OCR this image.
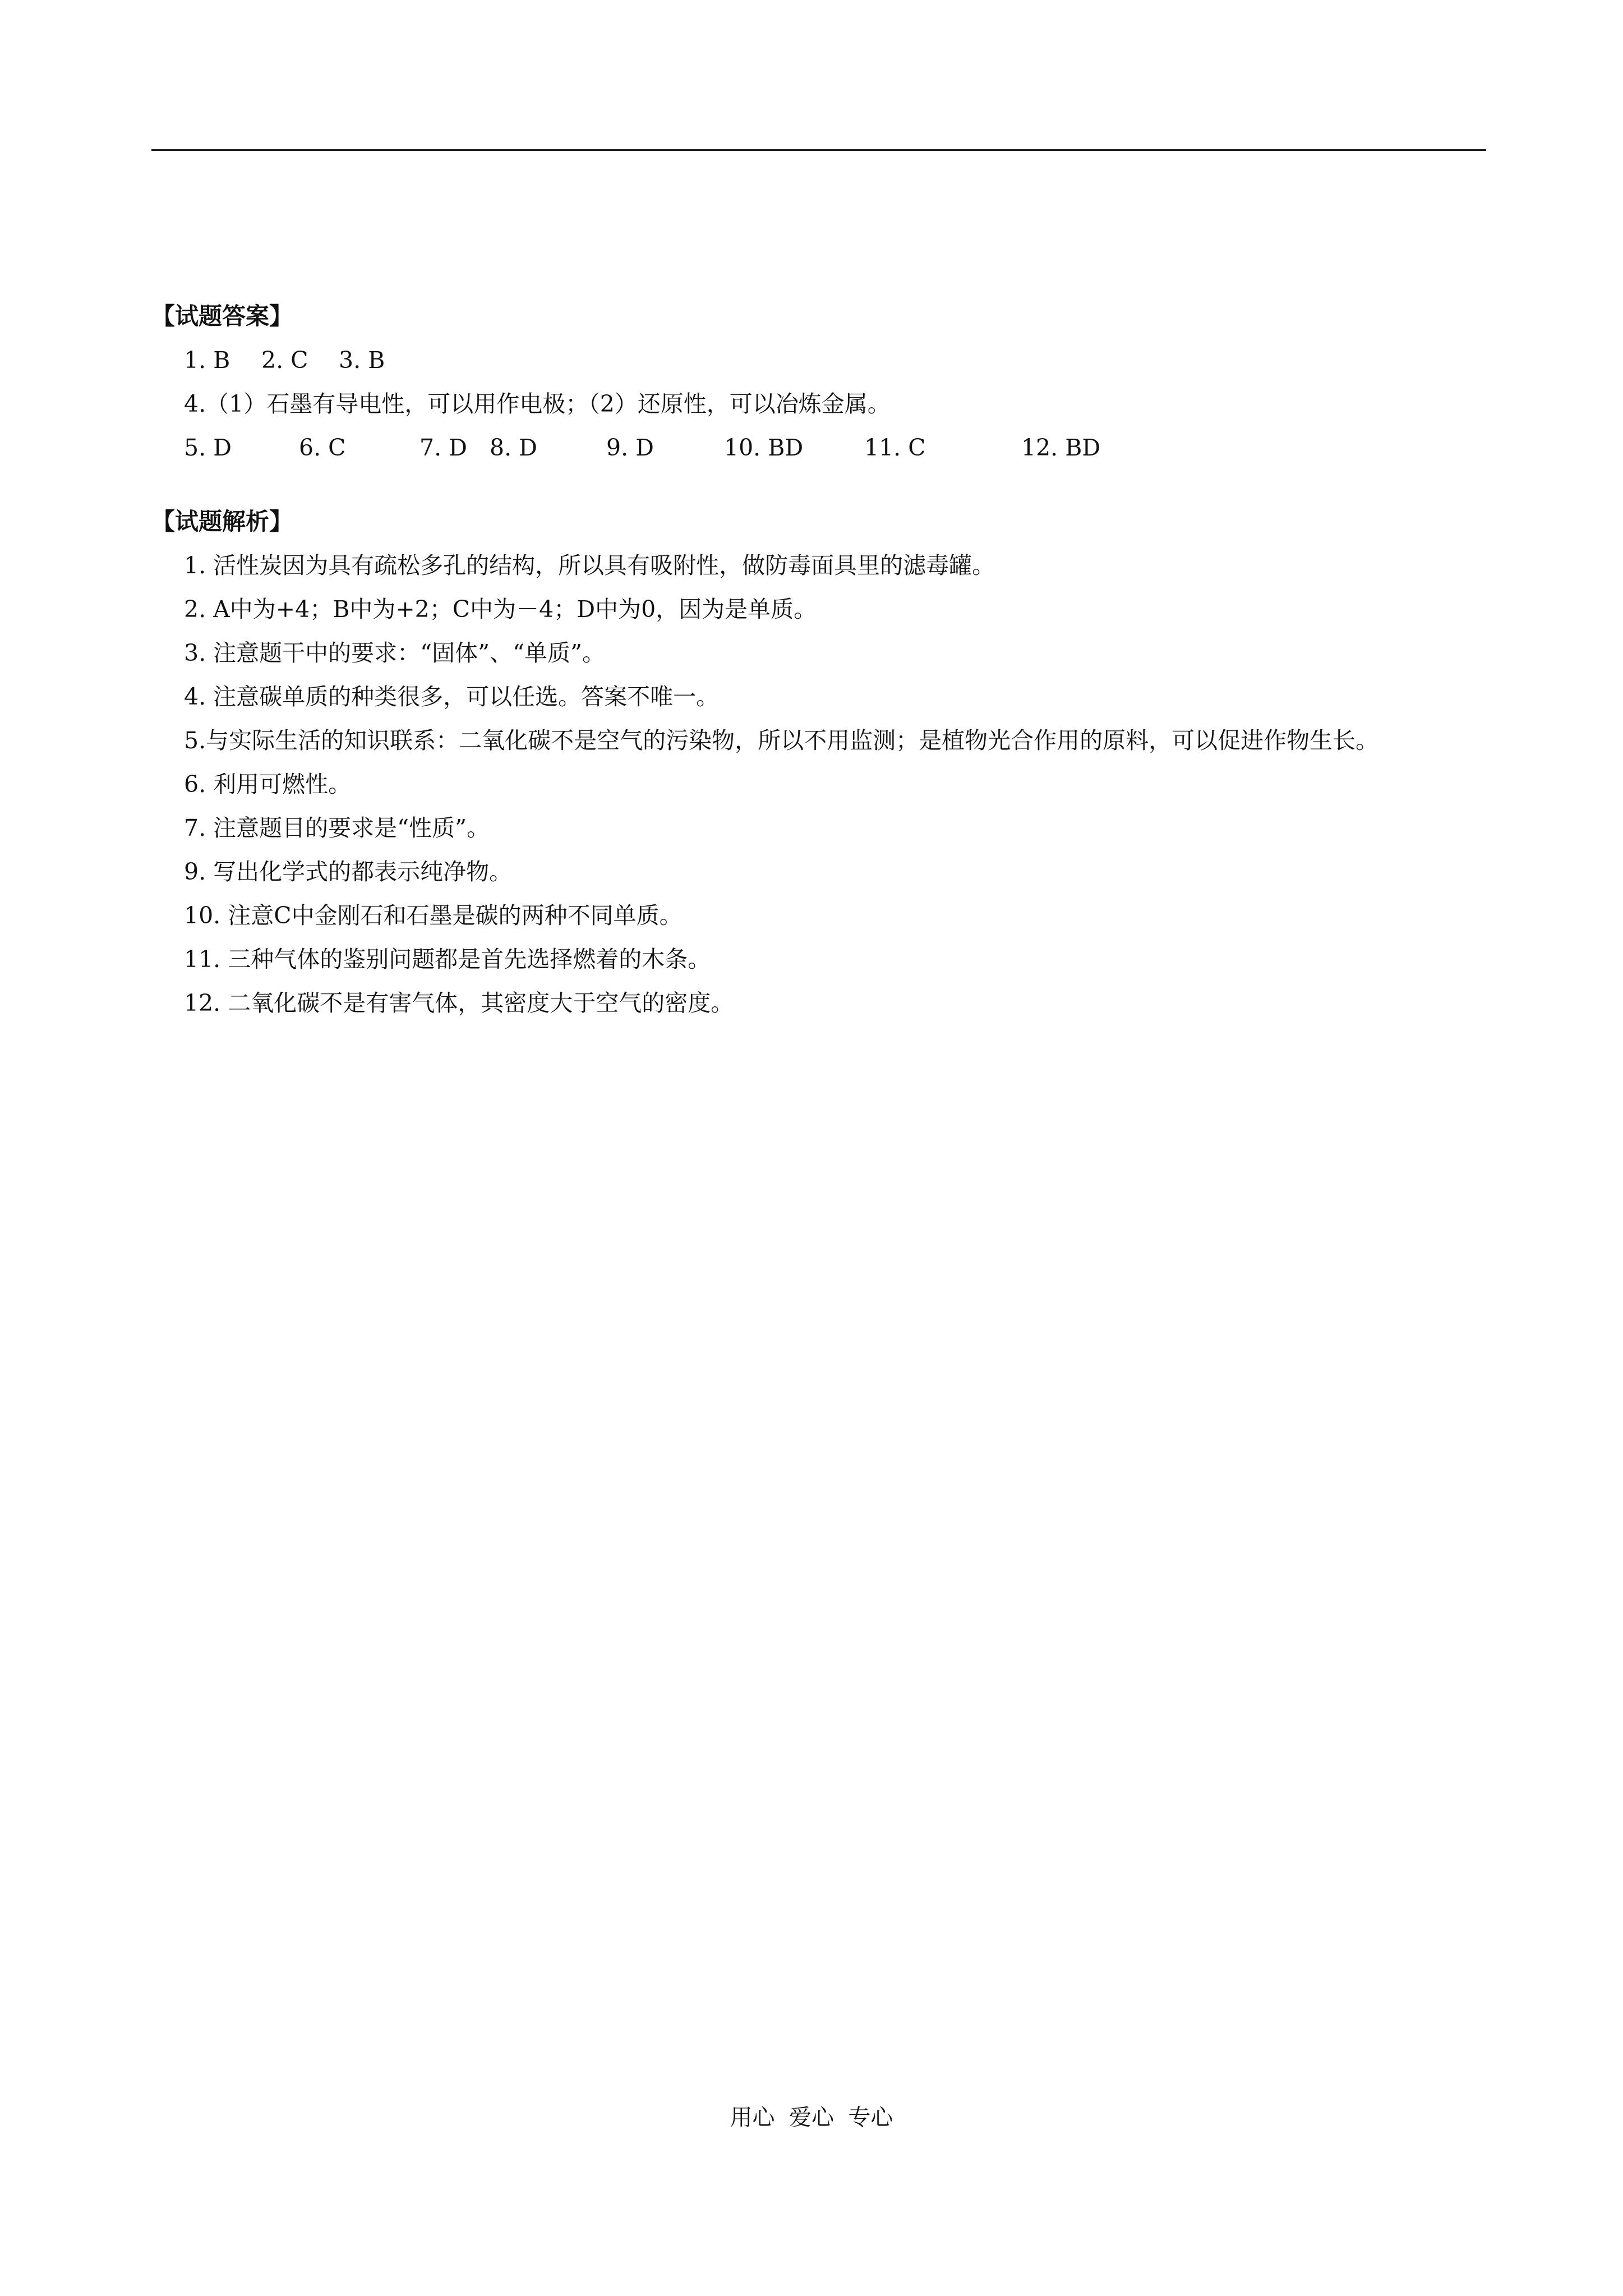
【试题答案】

1. B 2. C 3. B

4.（1）石墨有导电性，可以用作电极；（2）还原性，可以冶炼金属。

5. D	6. C	7. D 8. D	9. D	10. BD	11. C	12. BD

【试题解析】

1. 活性炭因为具有疏松多孔的结构，所以具有吸附性，做防毒面具里的滤毒罐。

2. A中为+4；B中为+2；C中为－4；D中为0，因为是单质。

3. 注意题干中的要求：“固体”、“单质”。

4. 注意碳单质的种类很多，可以任选。答案不唯一。

5.与实际生活的知识联系：二氧化碳不是空气的污染物，所以不用监测；是植物光合作用的原料，可以促进作物生长。

6. 利用可燃性。

7. 注意题目的要求是“性质”。

9. 写出化学式的都表示纯净物。

10. 注意C中金刚石和石墨是碳的两种不同单质。

11. 三种气体的鉴别问题都是首先选择燃着的木条。

12. 二氧化碳不是有害气体，其密度大于空气的密度。

用心  爱心  专心
